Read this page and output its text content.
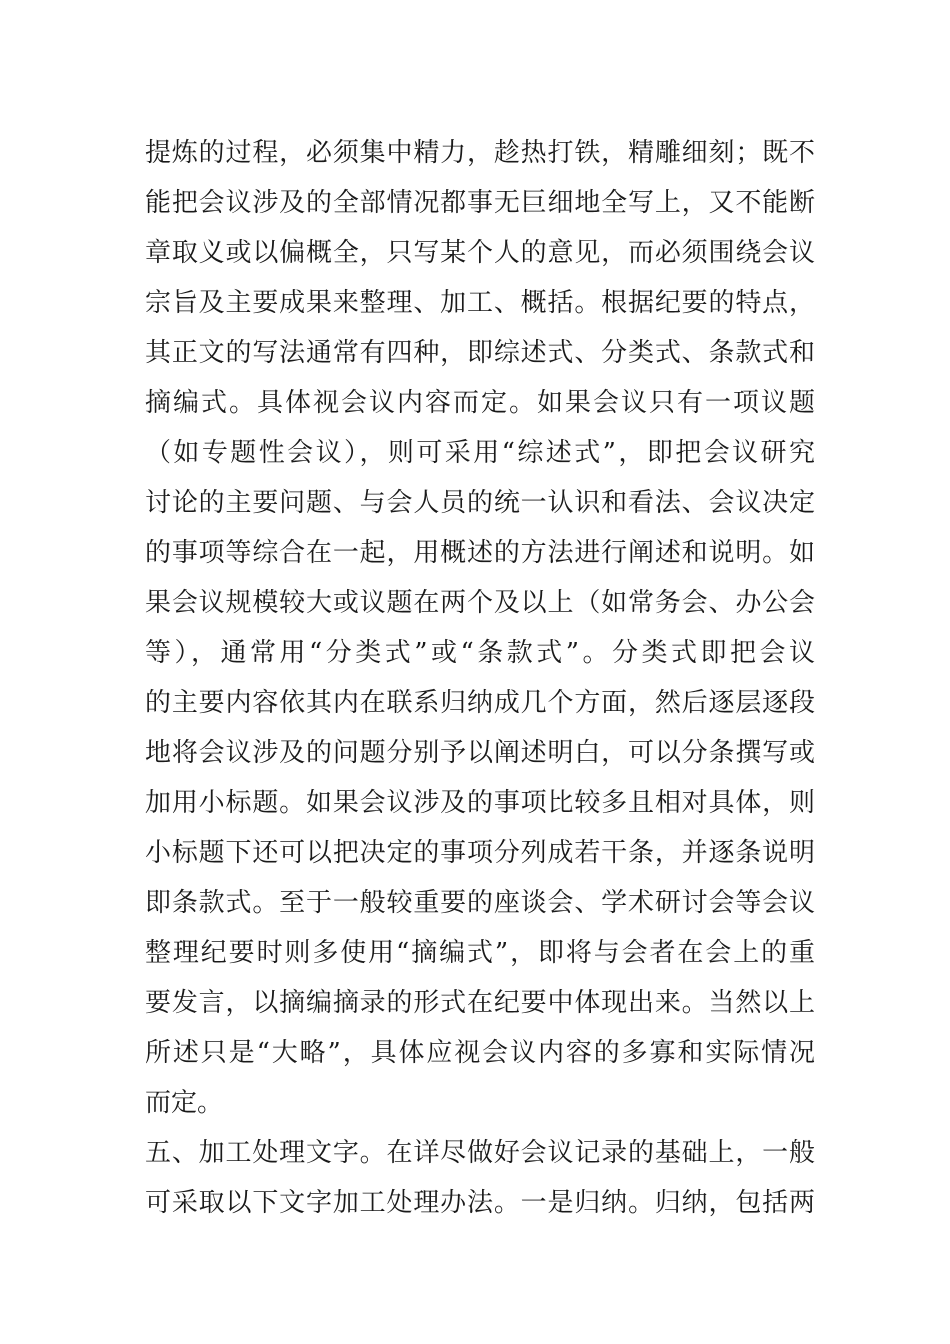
提炼的过程，必须集中精力，趁热打铁，精雕细刻；既不
能把会议涉及的全部情况都事无巨细地全写上，又不能断
章取义或以偏概全，只写某个人的意见，而必须围绕会议
宗旨及主要成果来整理、加工、概括。根据纪要的特点，
其正文的写法通常有四种，即综述式、分类式、条款式和
摘编式。具体视会议内容而定。如果会议只有一项议题
（如专题性会议），则可采用“综述式”，即把会议研究
讨论的主要问题、与会人员的统一认识和看法、会议决定
的事项等综合在一起，用概述的方法进行阐述和说明。如
果会议规模较大或议题在两个及以上（如常务会、办公会
等），通常用“分类式”或“条款式”。分类式即把会议
的主要内容依其内在联系归纳成几个方面，然后逐层逐段
地将会议涉及的问题分别予以阐述明白，可以分条撰写或
加用小标题。如果会议涉及的事项比较多且相对具体，则
小标题下还可以把决定的事项分列成若干条，并逐条说明
即条款式。至于一般较重要的座谈会、学术研讨会等会议
整理纪要时则多使用“摘编式”，即将与会者在会上的重
要发言，以摘编摘录的形式在纪要中体现出来。当然以上
所述只是“大略”，具体应视会议内容的多寡和实际情况
而定。
五、加工处理文字。在详尽做好会议记录的基础上，一般
可采取以下文字加工处理办法。一是归纳。归纳，包括两
